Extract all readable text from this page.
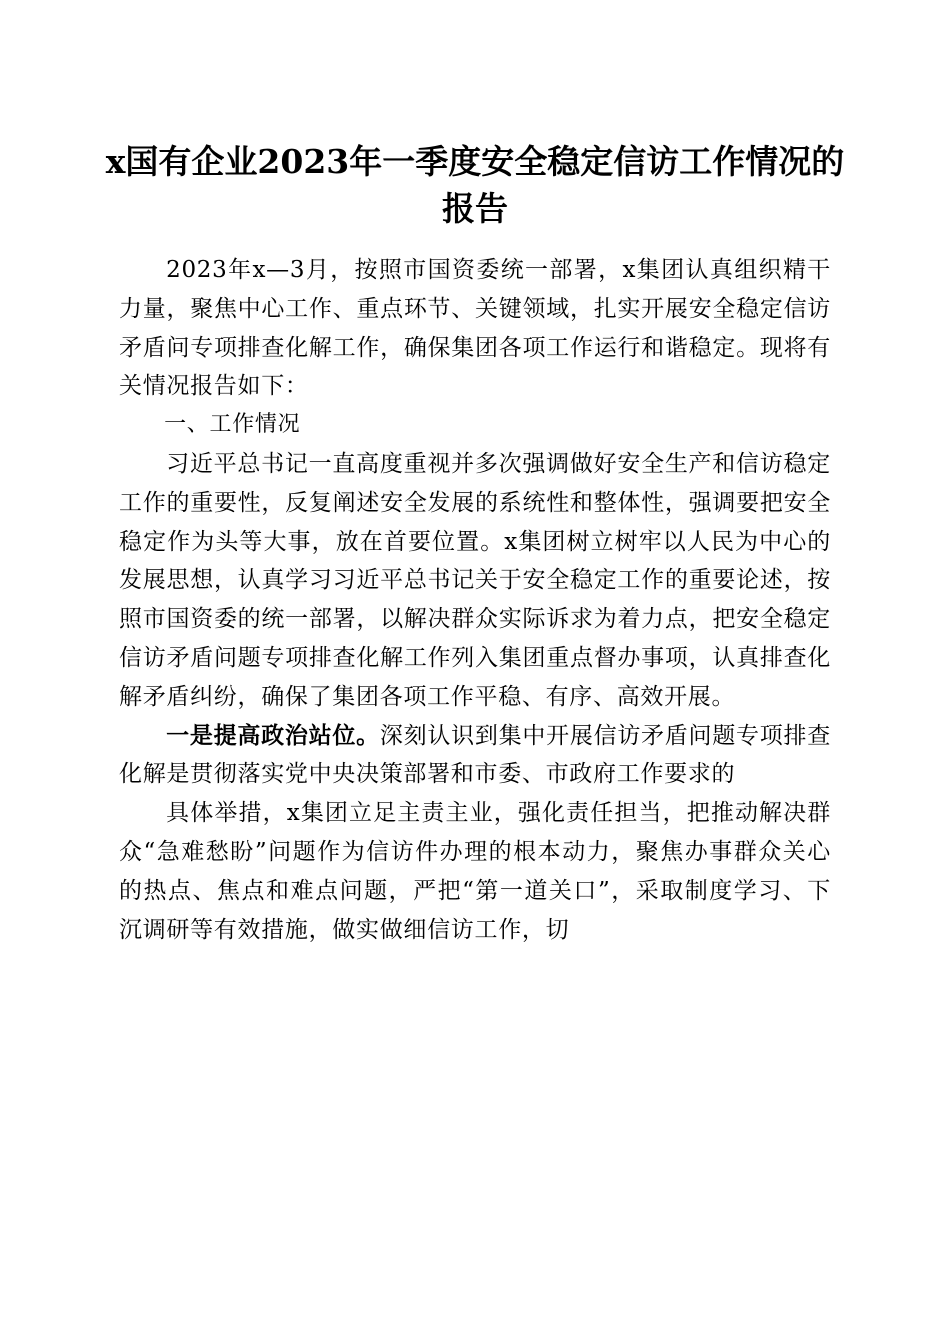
x国有企业2023年一季度安全稳定信访工作情况的报告

2023年x—3月，按照市国资委统一部署，x集团认真组织精干力量，聚焦中心工作、重点环节、关键领域，扎实开展安全稳定信访矛盾问专项排查化解工作，确保集团各项工作运行和谐稳定。现将有关情况报告如下：

一、工作情况

习近平总书记一直高度重视并多次强调做好安全生产和信访稳定工作的重要性，反复阐述安全发展的系统性和整体性，强调要把安全稳定作为头等大事，放在首要位置。x集团树立树牢以人民为中心的发展思想，认真学习习近平总书记关于安全稳定工作的重要论述，按照市国资委的统一部署，以解决群众实际诉求为着力点，把安全稳定信访矛盾问题专项排查化解工作列入集团重点督办事项，认真排查化解矛盾纠纷，确保了集团各项工作平稳、有序、高效开展。

一是提高政治站位。深刻认识到集中开展信访矛盾问题专项排查化解是贯彻落实党中央决策部署和市委、市政府工作要求的

具体举措，x集团立足主责主业，强化责任担当，把推动解决群众“急难愁盼”问题作为信访件办理的根本动力，聚焦办事群众关心的热点、焦点和难点问题，严把“第一道关口”，采取制度学习、下沉调研等有效措施，做实做细信访工作，切
